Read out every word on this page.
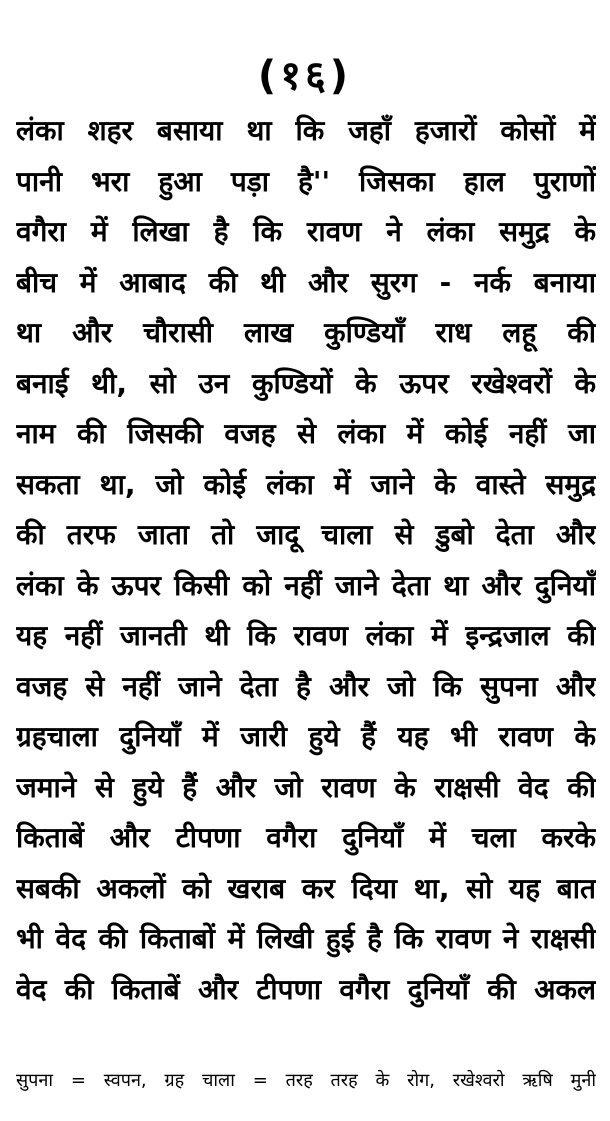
(१६)
लंका शहर बसाया था कि जहाँ हजारों कोसों में
पानी भरा हुआ पड़ा है'' जिसका हाल पुराणों
वगैरा में लिखा है कि रावण ने लंका समुद्र के
बीच में आबाद की थी और सुरग - नर्क बनाया
था और चौरासी लाख कुण्डियाँ राध लहू की
बनाई थी, सो उन कुण्डियों के ऊपर रखेश्वरों के
नाम की जिसकी वजह से लंका में कोई नहीं जा
सकता था, जो कोई लंका में जाने के वास्ते समुद्र
की तरफ जाता तो जादू चाला से डुबो देता और
लंका के ऊपर किसी को नहीं जाने देता था और दुनियाँ
यह नहीं जानती थी कि रावण लंका में इन्द्रजाल की
वजह से नहीं जाने देता है और जो कि सुपना और
ग्रहचाला दुनियाँ में जारी हुये हैं यह भी रावण के
जमाने से हुये हैं और जो रावण के राक्षसी वेद की
किताबें और टीपणा वगैरा दुनियाँ में चला करके
सबकी अकलों को खराब कर दिया था, सो यह बात
भी वेद की किताबों में लिखी हुई है कि रावण ने राक्षसी
वेद की किताबें और टीपणा वगैरा दुनियाँ की अकल
सुपना = स्वपन, ग्रह चाला = तरह तरह के रोग, रखेश्वरो ऋषि मुनी
